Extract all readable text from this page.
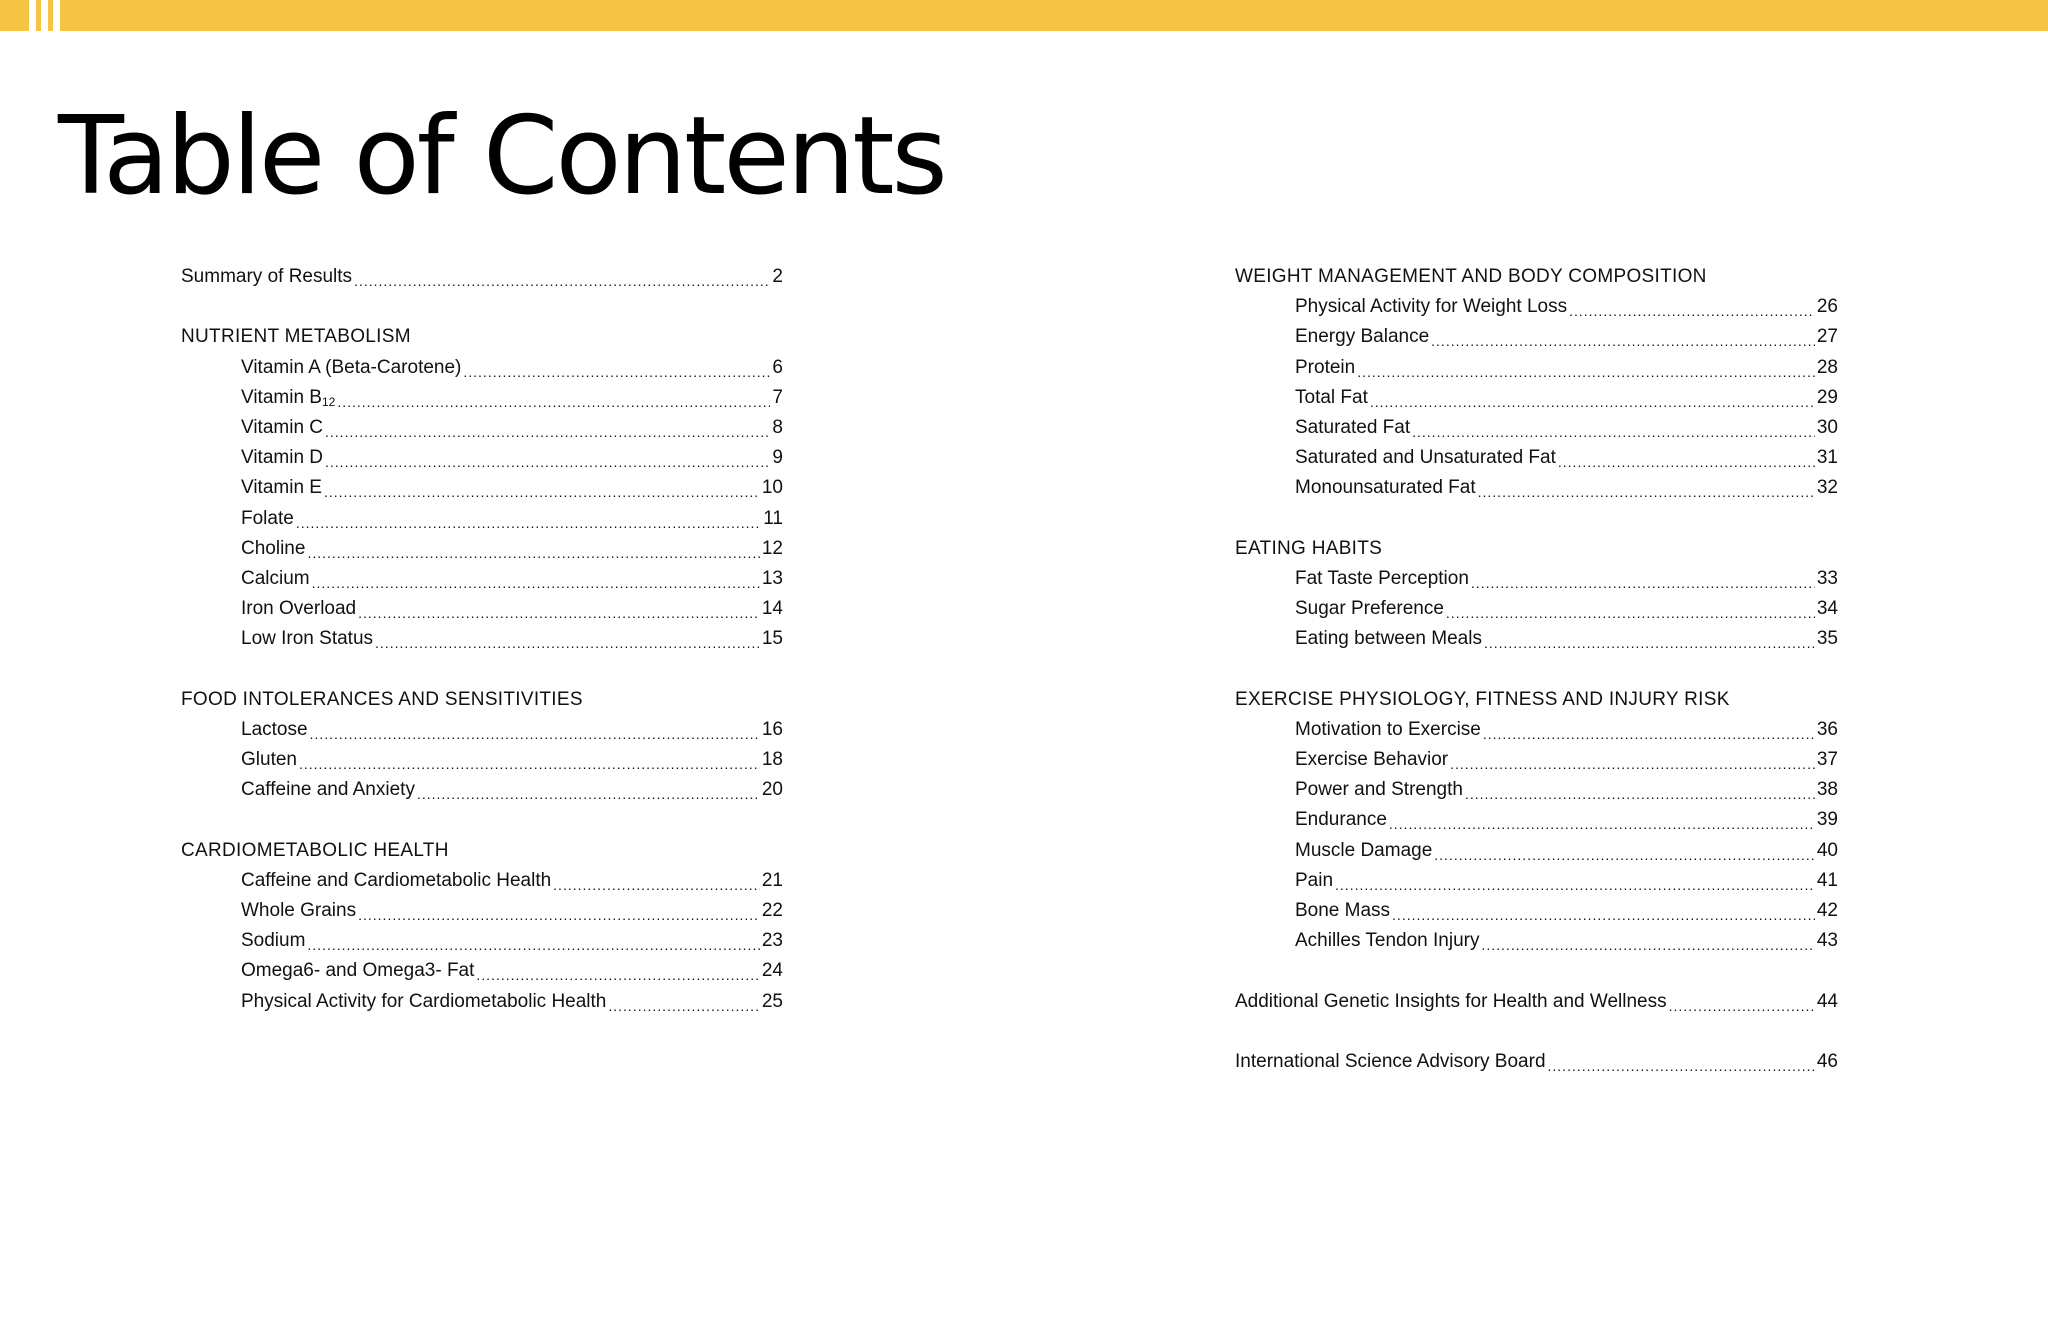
Table of Contents
Summary of Results .....	2
NUTRIENT METABOLISM
Vitamin A (Beta-Carotene) .....	6
Vitamin $B_{12}$ .....	7
Vitamin C .....	8
Vitamin D .....	9
Vitamin E .....	10
Folate .....	11
Choline .....	12
Calcium .....	13
Iron Overload .....	14
Low Iron Status .....	15
FOOD INTOLERANCES AND SENSITIVITIES
Lactose .....	16
Gluten .....	18
Caffeine and Anxiety .....	20
CARDIOMETABOLIC HEALTH
Caffeine and Cardiometabolic Health .....	21
Whole Grains .....	22
Sodium .....	23
Omega6- and Omega3- Fat .....	24
Physical Activity for Cardiometabolic Health .....	25
WEIGHT MANAGEMENT AND BODY COMPOSITION
Physical Activity for Weight Loss .....	26
Energy Balance .....	27
Protein .....	28
Total Fat .....	29
Saturated Fat .....	30
Saturated and Unsaturated Fat .....	31
Monounsaturated Fat .....	32
EATING HABITS
Fat Taste Perception .....	33
Sugar Preference .....	34
Eating between Meals .....	35
EXERCISE PHYSIOLOGY, FITNESS AND INJURY RISK
Motivation to Exercise .....	36
Exercise Behavior .....	37
Power and Strength .....	38
Endurance .....	39
Muscle Damage .....	40
Pain .....	41
Bone Mass .....	42
Achilles Tendon Injury .....	43
Additional Genetic Insights for Health and Wellness .....	44
International Science Advisory Board .....	46
